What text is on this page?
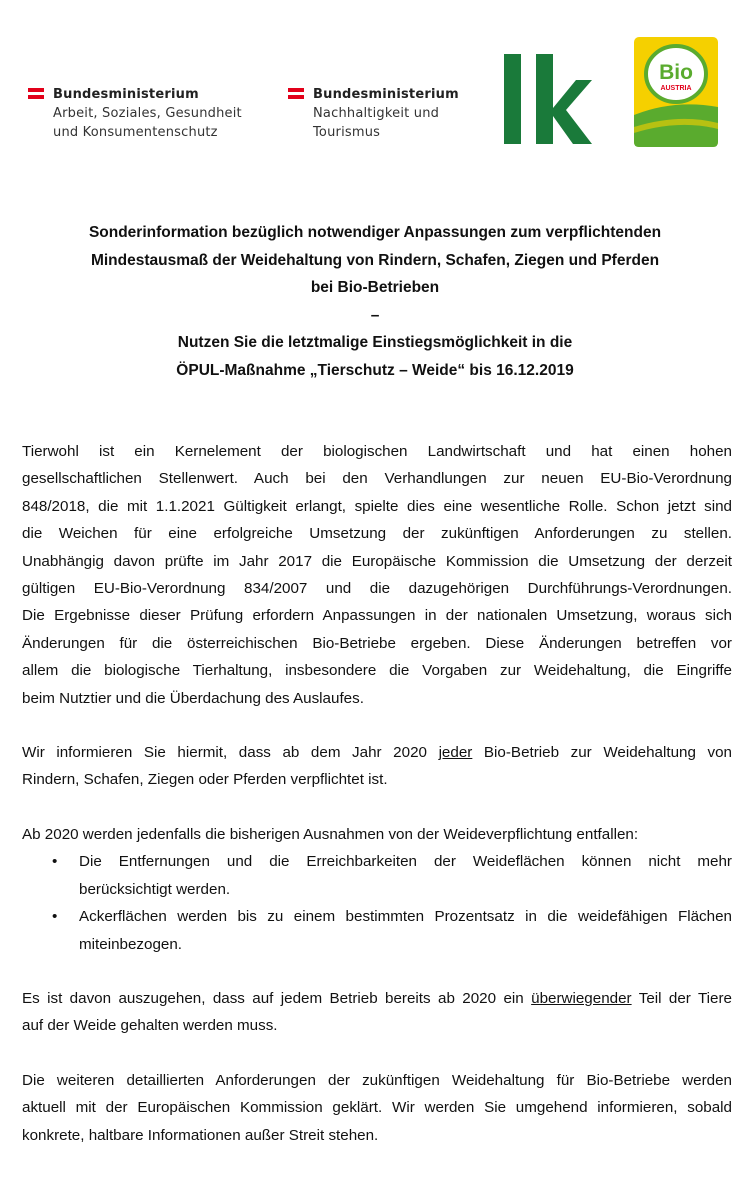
Bundesministerium
Arbeit, Soziales, Gesundheit
und Konsumentenschutz
Bundesministerium
Nachhaltigkeit und
Tourismus
Bio
AUSTRIA
Sonderinformation bezüglich notwendiger Anpassungen zum verpflichtenden
Mindestausmaß der Weidehaltung von Rindern, Schafen, Ziegen und Pferden
bei Bio-Betrieben
–
Nutzen Sie die letztmalige Einstiegsmöglichkeit in die
ÖPUL-Maßnahme „Tierschutz – Weide“ bis 16.12.2019
Tierwohl ist ein Kernelement der biologischen Landwirtschaft und hat einen hohen
gesellschaftlichen Stellenwert. Auch bei den Verhandlungen zur neuen EU-Bio-Verordnung
848/2018, die mit 1.1.2021 Gültigkeit erlangt, spielte dies eine wesentliche Rolle. Schon jetzt sind
die Weichen für eine erfolgreiche Umsetzung der zukünftigen Anforderungen zu stellen.
Unabhängig davon prüfte im Jahr 2017 die Europäische Kommission die Umsetzung der derzeit
gültigen EU-Bio-Verordnung 834/2007 und die dazugehörigen Durchführungs-Verordnungen.
Die Ergebnisse dieser Prüfung erfordern Anpassungen in der nationalen Umsetzung, woraus sich
Änderungen für die österreichischen Bio-Betriebe ergeben. Diese Änderungen betreffen vor
allem die biologische Tierhaltung, insbesondere die Vorgaben zur Weidehaltung, die Eingriffe
beim Nutztier und die Überdachung des Auslaufes.
Wir informieren Sie hiermit, dass ab dem Jahr 2020 jeder Bio-Betrieb zur Weidehaltung von
Rindern, Schafen, Ziegen oder Pferden verpflichtet ist.
Ab 2020 werden jedenfalls die bisherigen Ausnahmen von der Weideverpflichtung entfallen:
• Die Entfernungen und die Erreichbarkeiten der Weideflächen können nicht mehr
berücksichtigt werden.
• Ackerflächen werden bis zu einem bestimmten Prozentsatz in die weidefähigen Flächen
miteinbezogen.
Es ist davon auszugehen, dass auf jedem Betrieb bereits ab 2020 ein überwiegender Teil der Tiere
auf der Weide gehalten werden muss.
Die weiteren detaillierten Anforderungen der zukünftigen Weidehaltung für Bio-Betriebe werden
aktuell mit der Europäischen Kommission geklärt. Wir werden Sie umgehend informieren, sobald
konkrete, haltbare Informationen außer Streit stehen.
